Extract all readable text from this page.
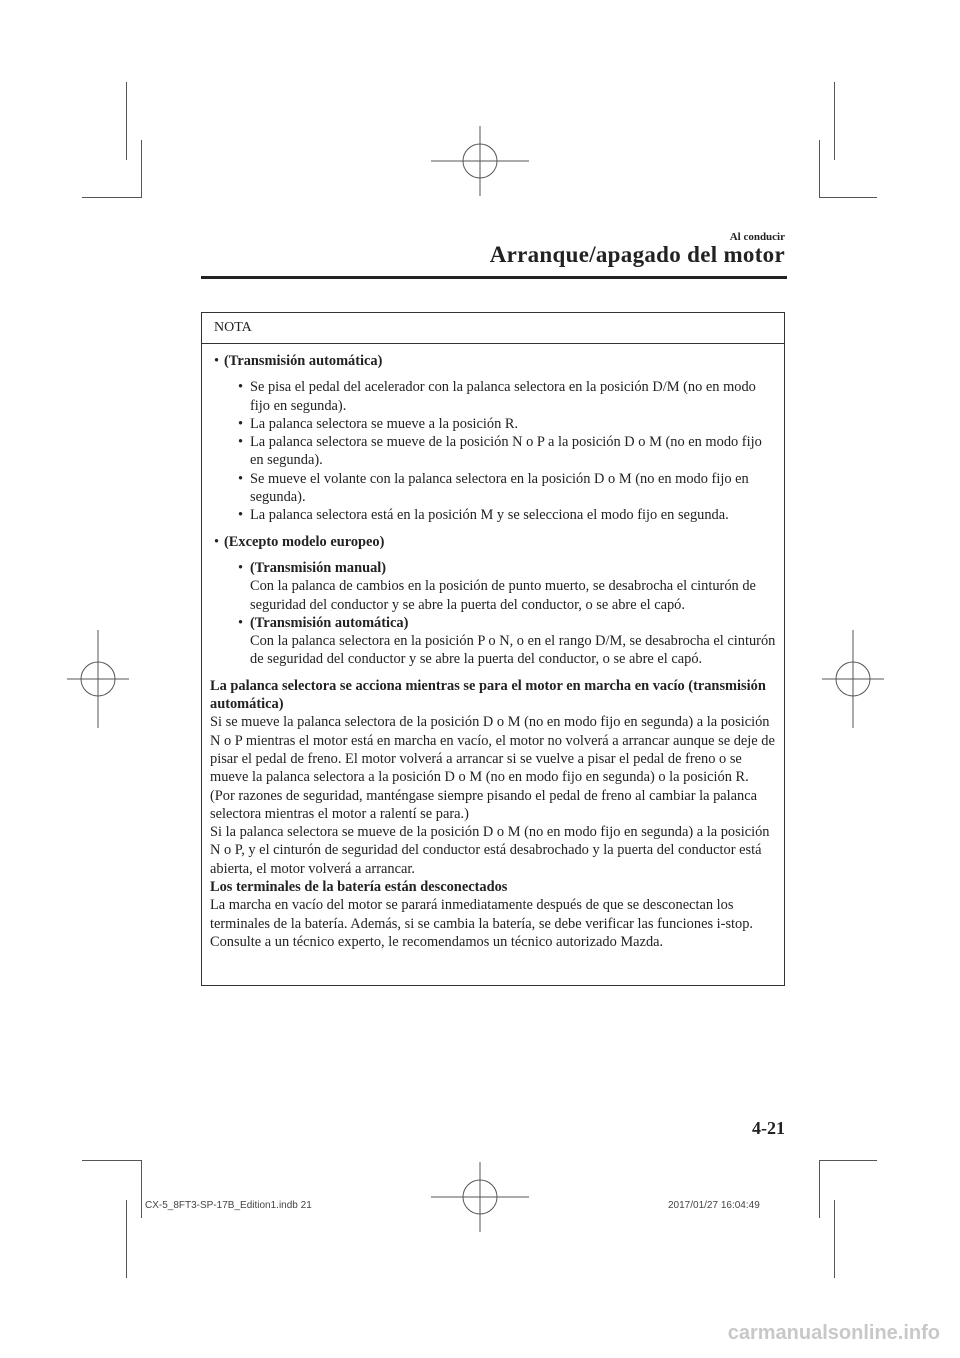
Al conducir
Arranque/apagado del motor
NOTA
• (Transmisión automática)
• Se pisa el pedal del acelerador con la palanca selectora en la posición D/M (no en modo fijo en segunda).
• La palanca selectora se mueve a la posición R.
• La palanca selectora se mueve de la posición N o P a la posición D o M (no en modo fijo en segunda).
• Se mueve el volante con la palanca selectora en la posición D o M (no en modo fijo en segunda).
• La palanca selectora está en la posición M y se selecciona el modo fijo en segunda.
• (Excepto modelo europeo)
• (Transmisión manual)
Con la palanca de cambios en la posición de punto muerto, se desabrocha el cinturón de seguridad del conductor y se abre la puerta del conductor, o se abre el capó.
• (Transmisión automática)
Con la palanca selectora en la posición P o N, o en el rango D/M, se desabrocha el cinturón de seguridad del conductor y se abre la puerta del conductor, o se abre el capó.

La palanca selectora se acciona mientras se para el motor en marcha en vacío (transmisión automática)

Si se mueve la palanca selectora de la posición D o M (no en modo fijo en segunda) a la posición N o P mientras el motor está en marcha en vacío, el motor no volverá a arrancar aunque se deje de pisar el pedal de freno. El motor volverá a arrancar si se vuelve a pisar el pedal de freno o se mueve la palanca selectora a la posición D o M (no en modo fijo en segunda) o la posición R. (Por razones de seguridad, manténgase siempre pisando el pedal de freno al cambiar la palanca selectora mientras el motor a ralentí se para.)

Si la palanca selectora se mueve de la posición D o M (no en modo fijo en segunda) a la posición N o P, y el cinturón de seguridad del conductor está desabrochado y la puerta del conductor está abierta, el motor volverá a arrancar.

Los terminales de la batería están desconectados

La marcha en vacío del motor se parará inmediatamente después de que se desconectan los terminales de la batería. Además, si se cambia la batería, se debe verificar las funciones i-stop. Consulte a un técnico experto, le recomendamos un técnico autorizado Mazda.

4-21
CX-5_8FT3-SP-17B_Edition1.indb 21	2017/01/27 16:04:49
carmanualsonline.info
